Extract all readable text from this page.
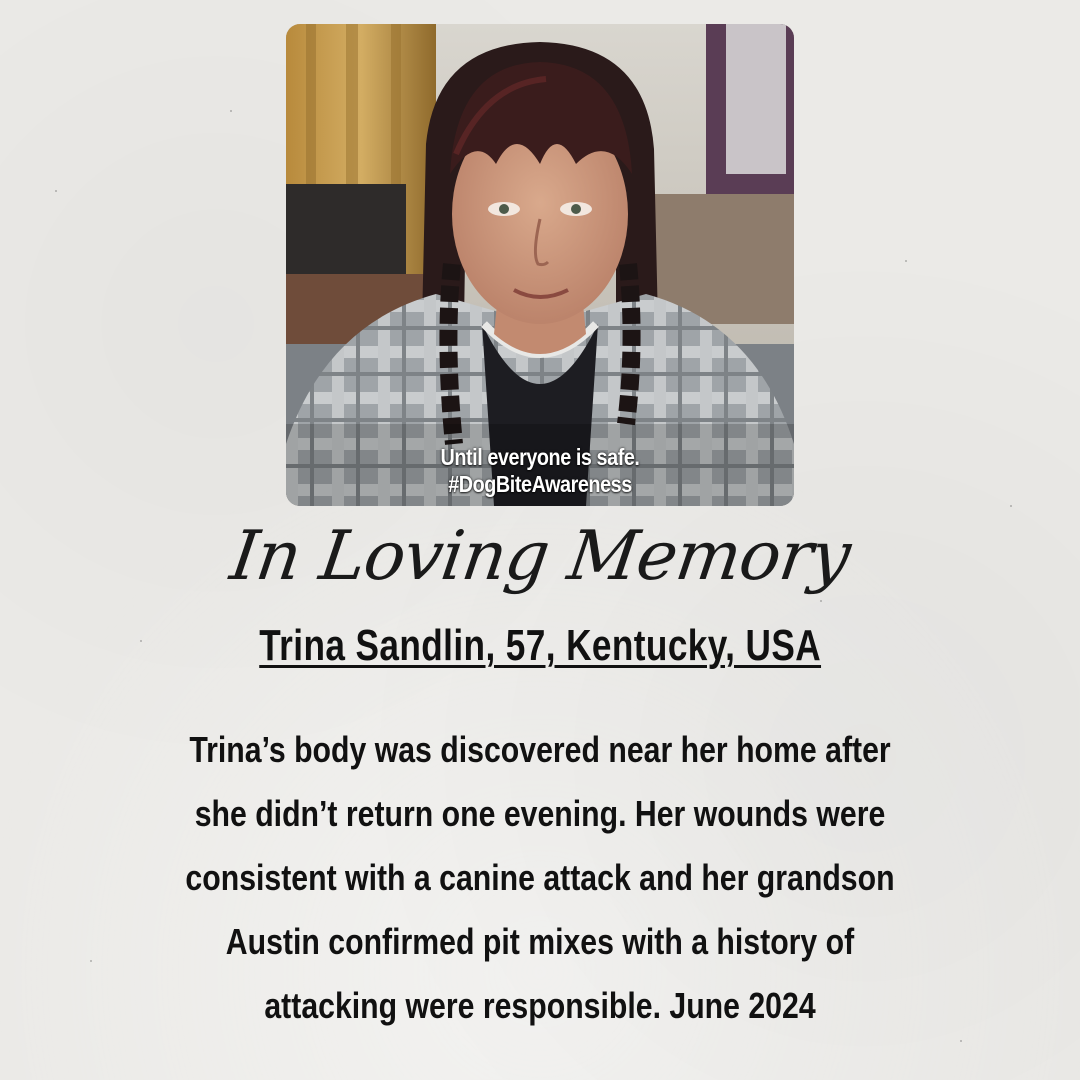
Until everyone is safe.
#DogBiteAwareness
In Loving Memory
Trina Sandlin, 57, Kentucky, USA
Trina’s body was discovered near her home after
she didn’t return one evening. Her wounds were
consistent with a canine attack and her grandson
Austin confirmed pit mixes with a history of
attacking were responsible. June 2024
